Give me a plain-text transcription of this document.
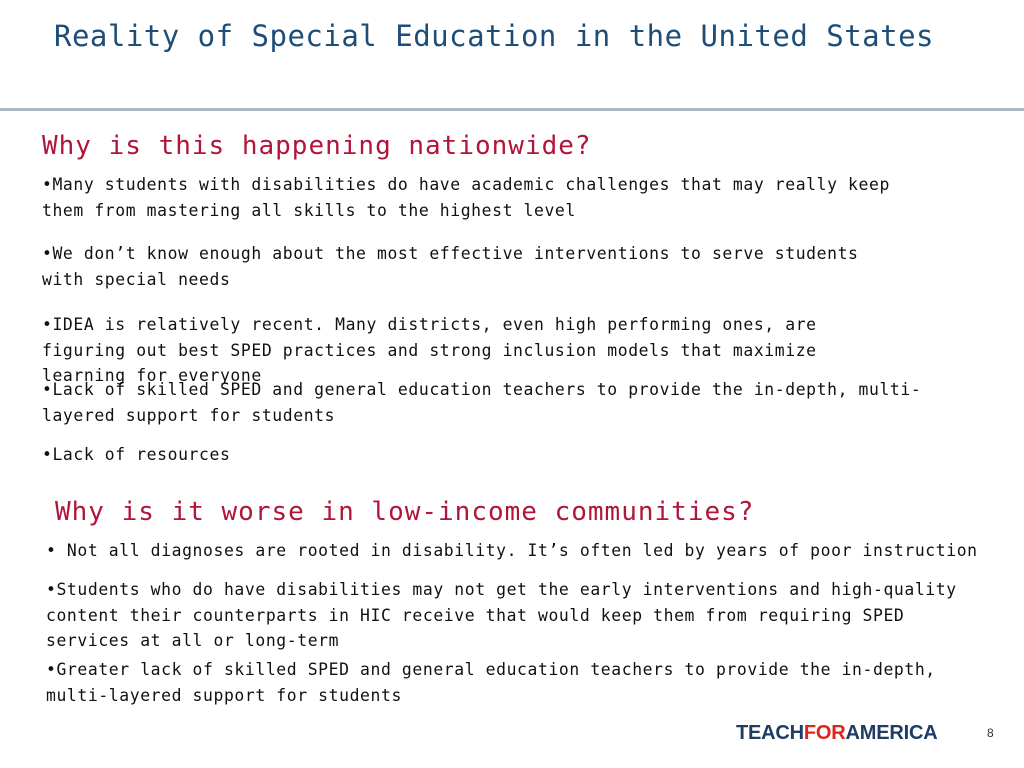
Reality of Special Education in the United States
Why is this happening nationwide?

•Many students with disabilities do have academic challenges that may really keep them from mastering all skills to the highest level

•We don’t know enough about the most effective interventions to serve students with special needs

•IDEA is relatively recent. Many districts, even high performing ones, are figuring out best SPED practices and strong inclusion models that maximize learning for everyone

•Lack of skilled SPED and general education teachers to provide the in-depth, multi-layered support for students

•Lack of resources

Why is it worse in low-income communities?

• Not all diagnoses are rooted in disability. It’s often led by years of poor instruction

•Students who do have disabilities may not get the early interventions and high-quality content their counterparts in HIC receive that would keep them from requiring SPED services at all or long-term

•Greater lack of skilled SPED and general education teachers to provide the in-depth, multi-layered support for students

TEACHFORAMERICA	8
